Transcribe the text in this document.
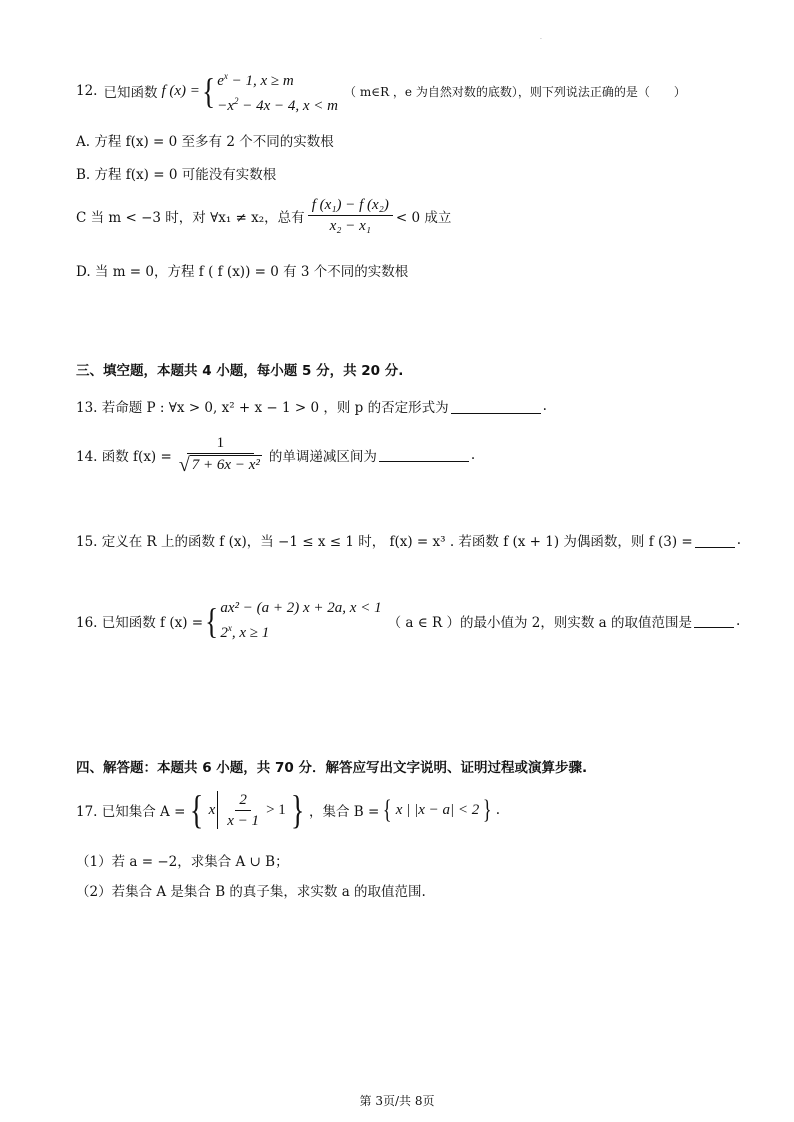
.
12. 已知函数 f (x) = { $e^x - 1$, x ≥ m
$-x^2 - 4x - 4$, x < m
（ m∈R ，e 为自然对数的底数），则下列说法正确的是（　　）
A. 方程 f(x) = 0 至多有 2 个不同的实数根
B. 方程 f(x) = 0 可能没有实数根
C 当 m < −3 时，对 ∀x₁ ≠ x₂，总有 $\frac{\text{f (x₁) − f (x₂)}}{\text{x₂ − x₁}} < 0$ 成立
D. 当 m = 0，方程 f ( f (x)) = 0 有 3 个不同的实数根
三、填空题，本题共 4 小题，每小题 5 分，共 20 分.
13. 若命题 P : ∀x > 0, x² + x − 1 > 0 ，则 p 的否定形式为	.
14. 函数 $f(x) = \frac{1}{\text{√ 7 + 6x − x²}}$ 的单调递减区间为	.
15. 定义在 R 上的函数 f (x)，当 −1 ≤ x ≤ 1 时， f(x) = x³ . 若函数 f (x + 1) 为偶函数，则 f (3) =	.
16. 已知函数 f (x) = { ax² − (a + 2) x + 2a, x < 1
2$^x$, x ≥ 1
（ a ∈ R ）的最小值为 2，则实数 a 的取值范围是	.
四、解答题：本题共 6 小题，共 70 分．解答应写出文字说明、证明过程或演算步骤.
17. 已知集合 A = { x $\frac{2}{x - 1} > 1$ } ，集合 B = { x | |x − a| < 2 } .
（1）若 a = −2，求集合 A ∪ B；
（2）若集合 A 是集合 B 的真子集，求实数 a 的取值范围.
第 3页/共 8页
